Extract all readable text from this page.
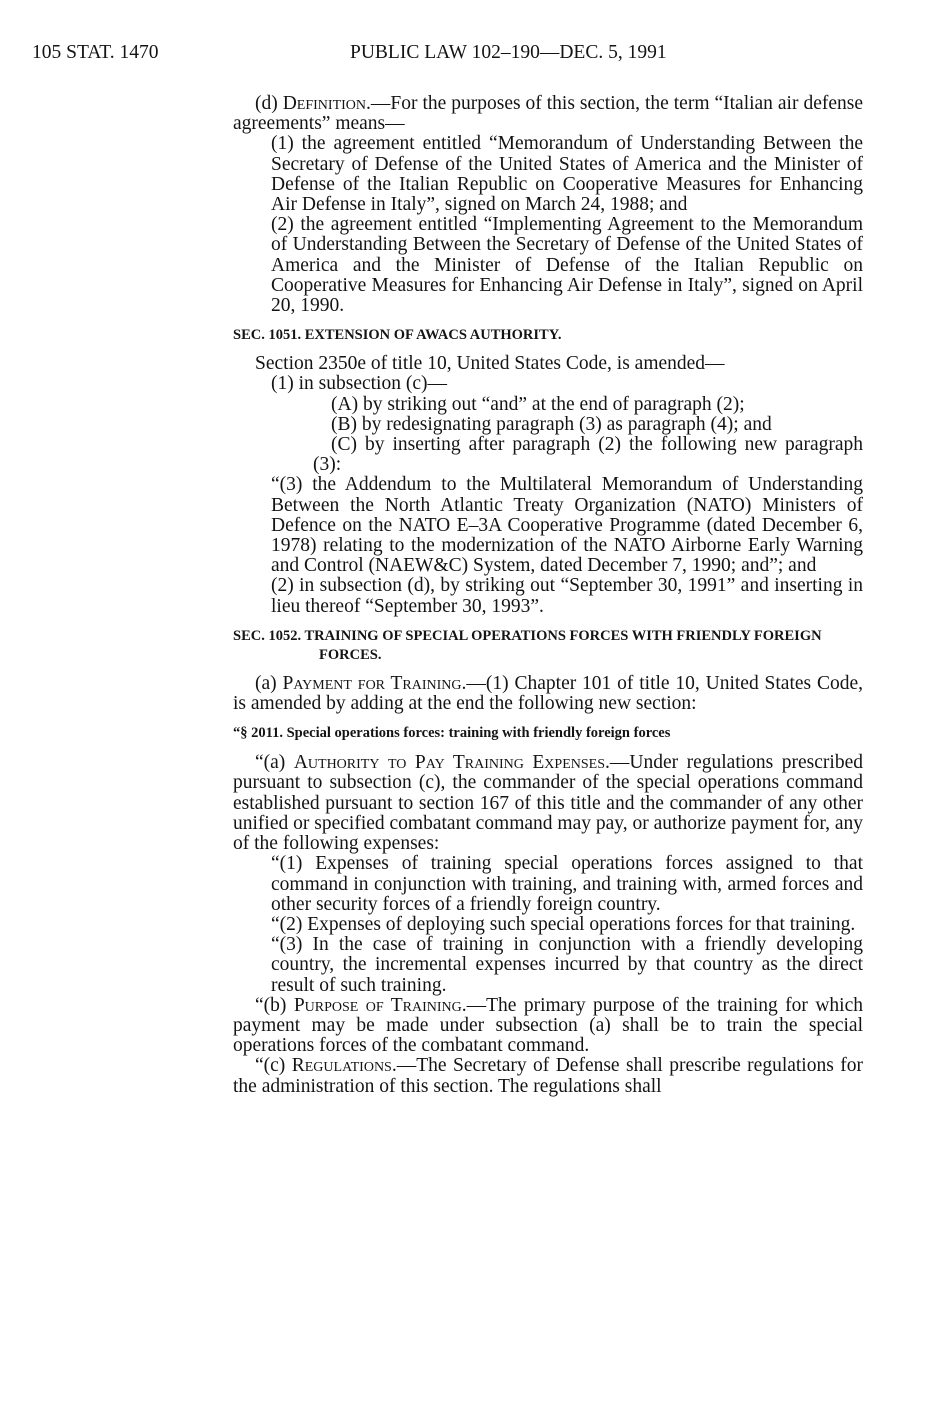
105 STAT. 1470	PUBLIC LAW 102–190—DEC. 5, 1991

(d) Definition.—For the purposes of this section, the term “Italian air defense agreements” means—

(1) the agreement entitled “Memorandum of Understanding Between the Secretary of Defense of the United States of America and the Minister of Defense of the Italian Republic on Cooperative Measures for Enhancing Air Defense in Italy”, signed on March 24, 1988; and

(2) the agreement entitled “Implementing Agreement to the Memorandum of Understanding Between the Secretary of Defense of the United States of America and the Minister of Defense of the Italian Republic on Cooperative Measures for Enhancing Air Defense in Italy”, signed on April 20, 1990.

SEC. 1051. EXTENSION OF AWACS AUTHORITY.

Section 2350e of title 10, United States Code, is amended—

(1) in subsection (c)—

(A) by striking out “and” at the end of paragraph (2);

(B) by redesignating paragraph (3) as paragraph (4); and

(C) by inserting after paragraph (2) the following new paragraph (3):

“(3) the Addendum to the Multilateral Memorandum of Understanding Between the North Atlantic Treaty Organization (NATO) Ministers of Defence on the NATO E–3A Cooperative Programme (dated December 6, 1978) relating to the modernization of the NATO Airborne Early Warning and Control (NAEW&C) System, dated December 7, 1990; and”; and

(2) in subsection (d), by striking out “September 30, 1991” and inserting in lieu thereof “September 30, 1993”.

SEC. 1052. TRAINING OF SPECIAL OPERATIONS FORCES WITH FRIENDLY FOREIGN FORCES.

(a) Payment for Training.—(1) Chapter 101 of title 10, United States Code, is amended by adding at the end the following new section:

“§ 2011. Special operations forces: training with friendly foreign forces

“(a) Authority to Pay Training Expenses.—Under regulations prescribed pursuant to subsection (c), the commander of the special operations command established pursuant to section 167 of this title and the commander of any other unified or specified combatant command may pay, or authorize payment for, any of the following expenses:

“(1) Expenses of training special operations forces assigned to that command in conjunction with training, and training with, armed forces and other security forces of a friendly foreign country.

“(2) Expenses of deploying such special operations forces for that training.

“(3) In the case of training in conjunction with a friendly developing country, the incremental expenses incurred by that country as the direct result of such training.

“(b) Purpose of Training.—The primary purpose of the training for which payment may be made under subsection (a) shall be to train the special operations forces of the combatant command.

“(c) Regulations.—The Secretary of Defense shall prescribe regulations for the administration of this section. The regulations shall
